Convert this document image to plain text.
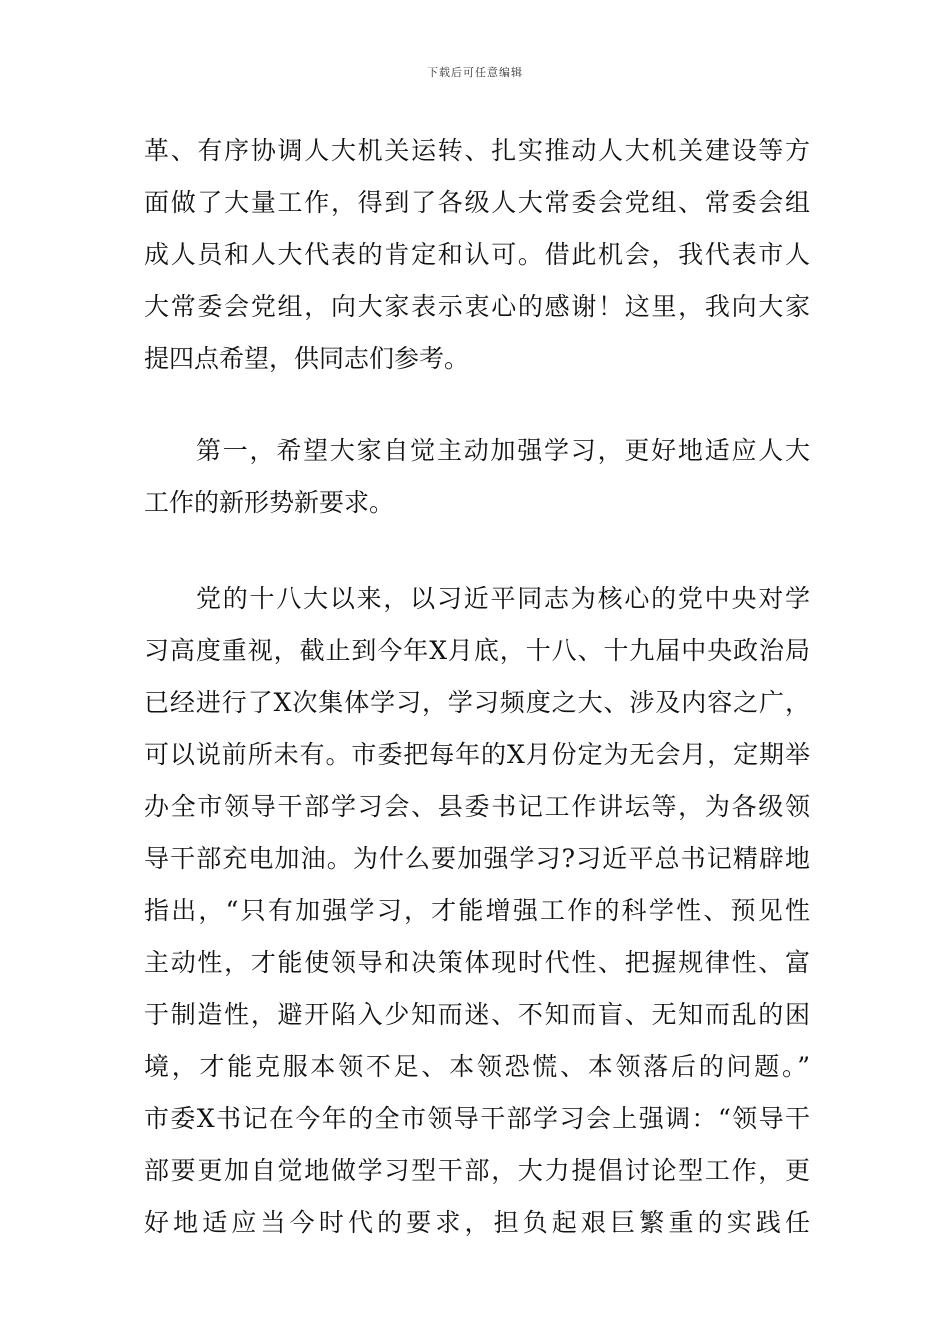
下载后可任意编辑
革、有序协调人大机关运转、扎实推动人大机关建设等方
面做了大量工作，得到了各级人大常委会党组、常委会组
成人员和人大代表的肯定和认可。借此机会，我代表市人
大常委会党组，向大家表示衷心的感谢！这里，我向大家
提四点希望，供同志们参考。
第一，希望大家自觉主动加强学习，更好地适应人大
工作的新形势新要求。
党的十八大以来，以习近平同志为核心的党中央对学
习高度重视，截止到今年X月底，十八、十九届中央政治局
已经进行了X次集体学习，学习频度之大、涉及内容之广，
可以说前所未有。市委把每年的X月份定为无会月，定期举
办全市领导干部学习会、县委书记工作讲坛等，为各级领
导干部充电加油。为什么要加强学习?习近平总书记精辟地
指出，“只有加强学习，才能增强工作的科学性、预见性
主动性，才能使领导和决策体现时代性、把握规律性、富
于制造性，避开陷入少知而迷、不知而盲、无知而乱的困
境，才能克服本领不足、本领恐慌、本领落后的问题。”
市委X书记在今年的全市领导干部学习会上强调：“领导干
部要更加自觉地做学习型干部，大力提倡讨论型工作，更
好地适应当今时代的要求，担负起艰巨繁重的实践任
